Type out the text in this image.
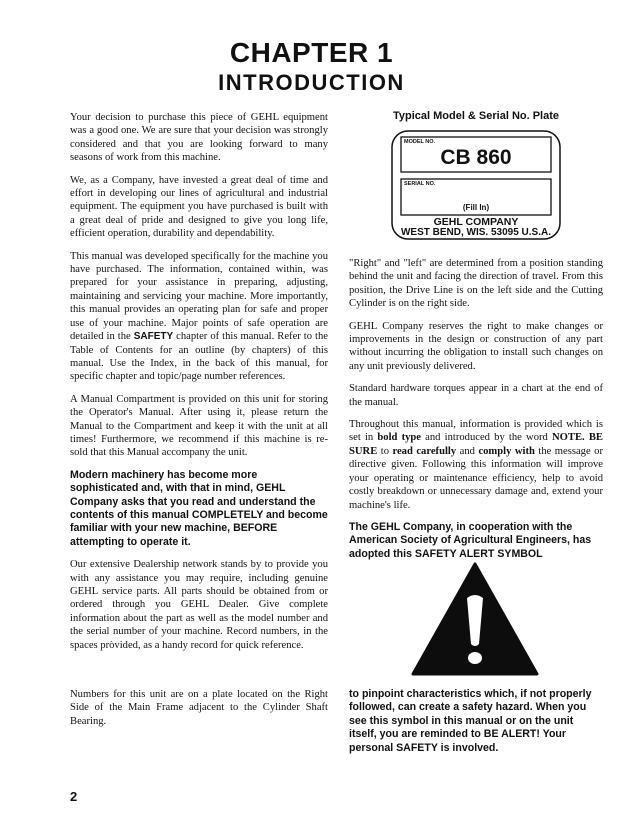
CHAPTER 1
INTRODUCTION

Your decision to purchase this piece of GEHL equipment was a good one. We are sure that your decision was strongly considered and that you are looking forward to many seasons of work from this machine.

We, as a Company, have invested a great deal of time and effort in developing our lines of agricultural and industrial equipment. The equipment you have purchased is built with a great deal of pride and designed to give you long life, efficient operation, durability and dependability.

This manual was developed specifically for the machine you have purchased. The information, contained within, was prepared for your assistance in preparing, adjusting, maintaining and servicing your machine. More importantly, this manual provides an operating plan for safe and proper use of your machine. Major points of safe operation are detailed in the SAFETY chapter of this manual. Refer to the Table of Contents for an outline (by chapters) of this manual. Use the Index, in the back of this manual, for specific chapter and topic/page number references.

A Manual Compartment is provided on this unit for storing the Operator's Manual. After using it, please return the Manual to the Compartment and keep it with the unit at all times! Furthermore, we recommend if this machine is re-sold that this Manual accompany the unit.

Modern machinery has become more sophisticated and, with that in mind, GEHL Company asks that you read and understand the contents of this manual COMPLETELY and become familiar with your new machine, BEFORE attempting to operate it.

Our extensive Dealership network stands by to provide you with any assistance you may require, including genuine GEHL service parts. All parts should be obtained from or ordered through you GEHL Dealer. Give complete information about the part as well as the model number and the serial number of your machine. Record numbers, in the spaces pròvided, as a handy record for quick reference.

Numbers for this unit are on a plate located on the Right Side of the Main Frame adjacent to the Cylinder Shaft Bearing.

Typical Model & Serial No. Plate
MODEL NO.
CB 860
SERIAL NO.
(Fill In)
GEHL COMPANY
WEST BEND, WIS. 53095 U.S.A.

"Right" and "left" are determined from a position standing behind the unit and facing the direction of travel. From this position, the Drive Line is on the left side and the Cutting Cylinder is on the right side.

GEHL Company reserves the right to make changes or improvements in the design or construction of any part without incurring the obligation to install such changes on any unit previously delivered.

Standard hardware torques appear in a chart at the end of the manual.

Throughout this manual, information is provided which is set in bold type and introduced by the word NOTE. BE SURE to read carefully and comply with the message or directive given. Following this information will improve your operating or maintenance efficiency, help to avoid costly breakdown or unnecessary damage and, extend your machine's life.

The GEHL Company, in cooperation with the American Society of Agricultural Engineers, has adopted this SAFETY ALERT SYMBOL

to pinpoint characteristics which, if not properly followed, can create a safety hazard. When you see this symbol in this manual or on the unit itself, you are reminded to BE ALERT! Your personal SAFETY is involved.

2
